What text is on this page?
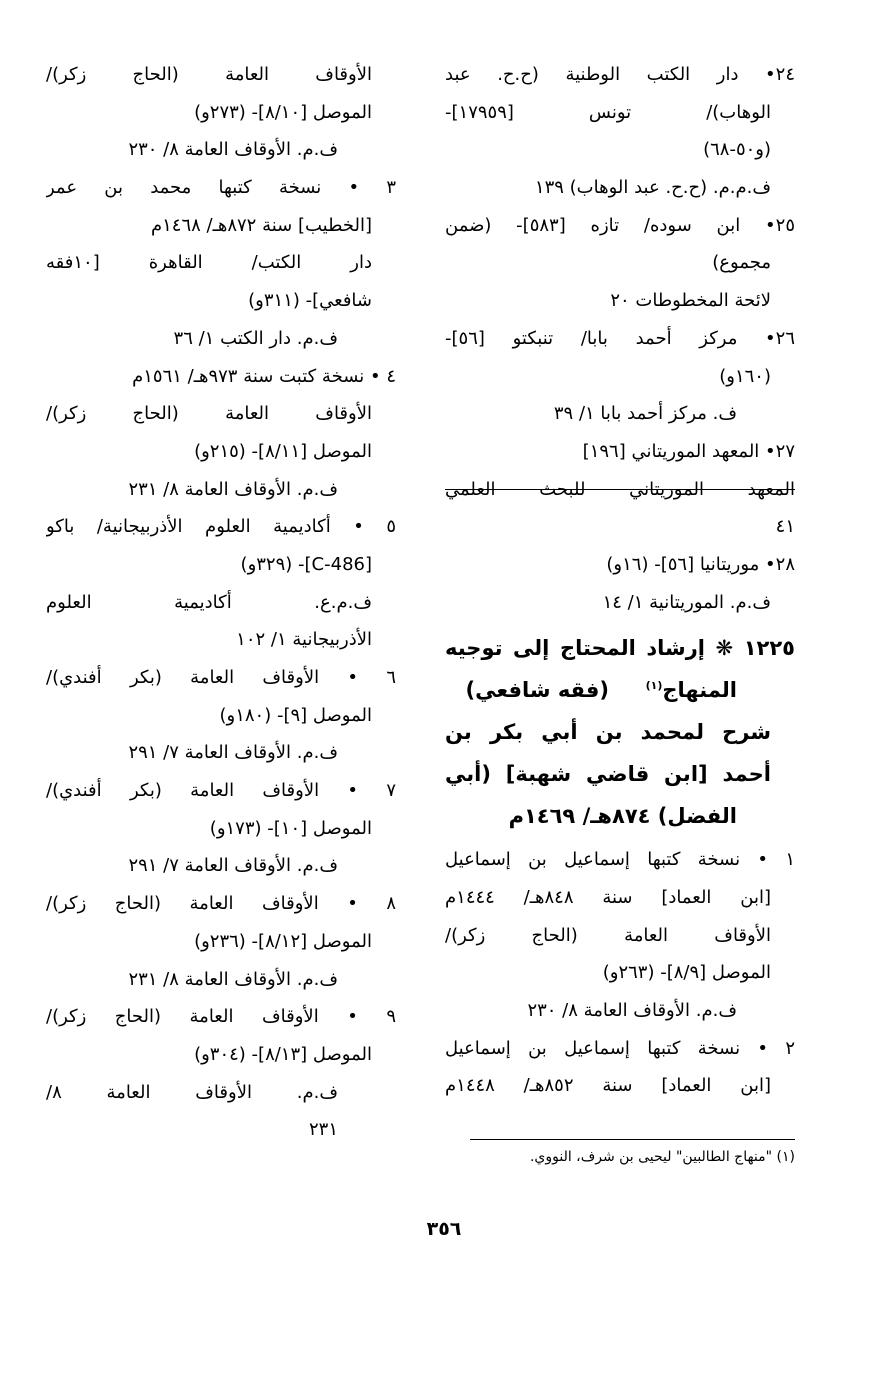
٢٤• دار الكتب الوطنية (ح.ح. عبد
الوهاب)/ تونس [١٧٩٥٩]-
(و٥٠-٦٨)
ف.م.م. (ح.ح. عبد الوهاب) ١٣٩
٢٥• ابن سوده/ تازه [٥٨٣]- (ضمن
مجموع)
لائحة المخطوطات ٢٠
٢٦• مركز أحمد بابا/ تنبكتو [٥٦]-
(١٦٠و)
ف. مركز أحمد بابا ١/ ٣٩
٢٧• المعهد الموريتاني [١٩٦]
المعهد الموريتاني للبحث العلمي
٤١
٢٨• موريتانيا [٥٦]- (١٦و)
ف.م. الموريتانية ١/ ١٤
١٢٢٥ ❋ إرشاد المحتاج إلى توجيه
المنهاج$^{(١)}$     (فقه شافعي)
شرح لمحمد بن أبي بكر بن
أحمد [ابن قاضي شهبة] (أبي
الفضل) ٨٧٤هـ/ ١٤٦٩م
١ • نسخة كتبها إسماعيل بن إسماعيل
[ابن العماد] سنة ٨٤٨هـ/ ١٤٤٤م
الأوقاف العامة (الحاج زكر)/
الموصل [٨/٩]- (٢٦٣و)
ف.م. الأوقاف العامة ٨/ ٢٣٠
٢ • نسخة كتبها إسماعيل بن إسماعيل
[ابن العماد] سنة ٨٥٢هـ/ ١٤٤٨م
الأوقاف العامة (الحاج زكر)/
الموصل [٨/١٠]- (٢٧٣و)
ف.م. الأوقاف العامة ٨/ ٢٣٠
٣ • نسخة كتبها محمد بن عمر
[الخطيب] سنة ٨٧٢هـ/ ١٤٦٨م
دار الكتب/ القاهرة [١٠فقه
شافعي]- (٣١١و)
ف.م. دار الكتب ١/ ٣٦
٤ • نسخة كتبت سنة ٩٧٣هـ/ ١٥٦١م
الأوقاف العامة (الحاج زكر)/
الموصل [٨/١١]- (٢١٥و)
ف.م. الأوقاف العامة ٨/ ٢٣١
٥ • أكاديمية العلوم الأذربيجانية/ باكو
[C-486]- (٣٢٩و)
ف.م.ع. أكاديمية العلوم
الأذربيجانية ١/ ١٠٢
٦ • الأوقاف العامة (بكر أفندي)/
الموصل [٩]- (١٨٠و)
ف.م. الأوقاف العامة ٧/ ٢٩١
٧ • الأوقاف العامة (بكر أفندي)/
الموصل [١٠]- (١٧٣و)
ف.م. الأوقاف العامة ٧/ ٢٩١
٨ • الأوقاف العامة (الحاج زكر)/
الموصل [٨/١٢]- (٢٣٦و)
ف.م. الأوقاف العامة ٨/ ٢٣١
٩ • الأوقاف العامة (الحاج زكر)/
الموصل [٨/١٣]- (٣٠٤و)
ف.م. الأوقاف العامة ٨/
٢٣١
(١) "منهاج الطالبين" ليحيى بن شرف، النووي.
٣٥٦
